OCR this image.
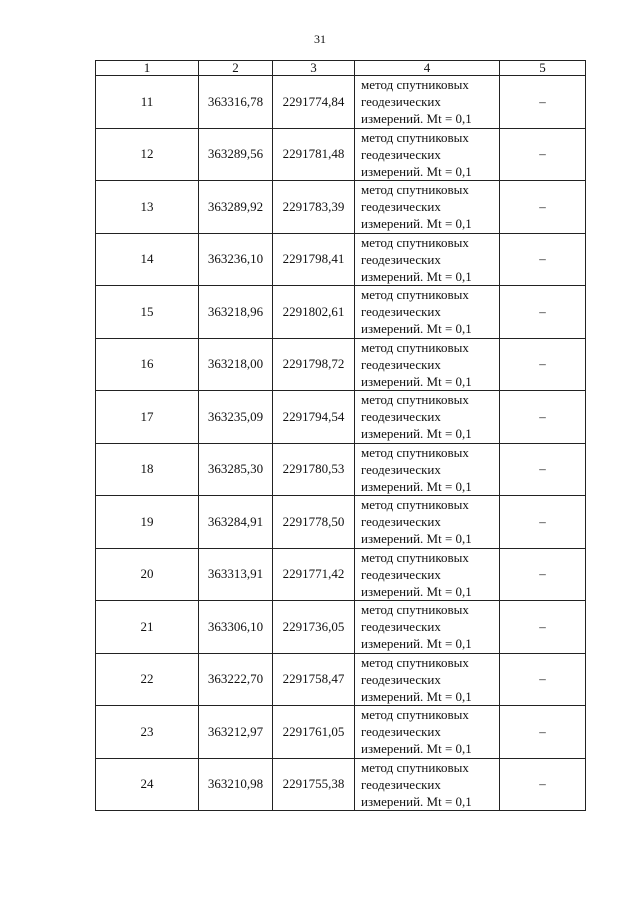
31
1	2	3	4	5
11	363316,78	2291774,84	метод спутниковых
геодезических
измерений. Mt = 0,1	–
12	363289,56	2291781,48	метод спутниковых
геодезических
измерений. Mt = 0,1	–
13	363289,92	2291783,39	метод спутниковых
геодезических
измерений. Mt = 0,1	–
14	363236,10	2291798,41	метод спутниковых
геодезических
измерений. Mt = 0,1	–
15	363218,96	2291802,61	метод спутниковых
геодезических
измерений. Mt = 0,1	–
16	363218,00	2291798,72	метод спутниковых
геодезических
измерений. Mt = 0,1	–
17	363235,09	2291794,54	метод спутниковых
геодезических
измерений. Mt = 0,1	–
18	363285,30	2291780,53	метод спутниковых
геодезических
измерений. Mt = 0,1	–
19	363284,91	2291778,50	метод спутниковых
геодезических
измерений. Mt = 0,1	–
20	363313,91	2291771,42	метод спутниковых
геодезических
измерений. Mt = 0,1	–
21	363306,10	2291736,05	метод спутниковых
геодезических
измерений. Mt = 0,1	–
22	363222,70	2291758,47	метод спутниковых
геодезических
измерений. Mt = 0,1	–
23	363212,97	2291761,05	метод спутниковых
геодезических
измерений. Mt = 0,1	–
24	363210,98	2291755,38	метод спутниковых
геодезических
измерений. Mt = 0,1	–
